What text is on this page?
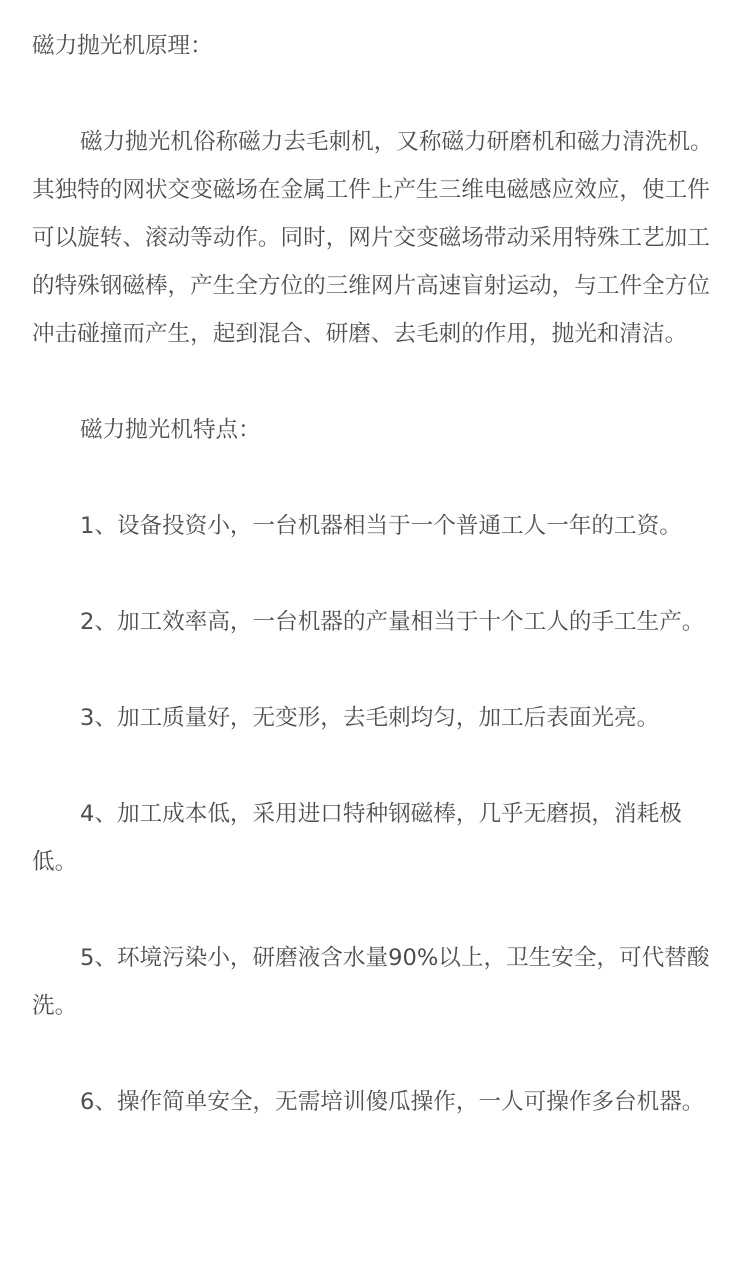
磁力抛光机原理：

磁力抛光机俗称磁力去毛刺机，又称磁力研磨机和磁力清洗机。其独特的网状交变磁场在金属工件上产生三维电磁感应效应，使工件可以旋转、滚动等动作。同时，网片交变磁场带动采用特殊工艺加工的特殊钢磁棒，产生全方位的三维网片高速盲射运动，与工件全方位冲击碰撞而产生，起到混合、研磨、去毛刺的作用，抛光和清洁。

磁力抛光机特点：

1、设备投资小，一台机器相当于一个普通工人一年的工资。

2、加工效率高，一台机器的产量相当于十个工人的手工生产。

3、加工质量好，无变形，去毛刺均匀，加工后表面光亮。

4、加工成本低，采用进口特种钢磁棒，几乎无磨损，消耗极低。

5、环境污染小，研磨液含水量90%以上，卫生安全，可代替酸洗。

6、操作简单安全，无需培训傻瓜操作，一人可操作多台机器。
